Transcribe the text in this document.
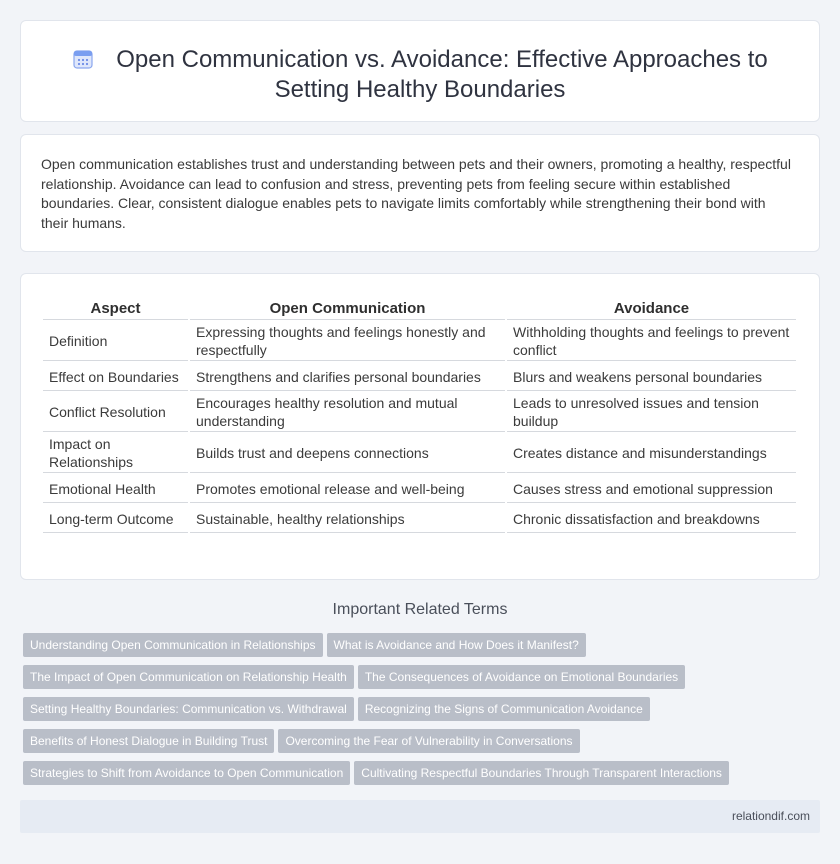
Open Communication vs. Avoidance: Effective Approaches to Setting Healthy Boundaries

Open communication establishes trust and understanding between pets and their owners, promoting a healthy, respectful relationship. Avoidance can lead to confusion and stress, preventing pets from feeling secure within established boundaries. Clear, consistent dialogue enables pets to navigate limits comfortably while strengthening their bond with their humans.

Aspect	Open Communication	Avoidance
Definition	Expressing thoughts and feelings honestly and respectfully	Withholding thoughts and feelings to prevent conflict
Effect on Boundaries	Strengthens and clarifies personal boundaries	Blurs and weakens personal boundaries
Conflict Resolution	Encourages healthy resolution and mutual understanding	Leads to unresolved issues and tension buildup
Impact on Relationships	Builds trust and deepens connections	Creates distance and misunderstandings
Emotional Health	Promotes emotional release and well-being	Causes stress and emotional suppression
Long-term Outcome	Sustainable, healthy relationships	Chronic dissatisfaction and breakdowns
Important Related Terms
Understanding Open Communication in Relationships What is Avoidance and How Does it Manifest?
The Impact of Open Communication on Relationship Health The Consequences of Avoidance on Emotional Boundaries
Setting Healthy Boundaries: Communication vs. Withdrawal Recognizing the Signs of Communication Avoidance
Benefits of Honest Dialogue in Building Trust Overcoming the Fear of Vulnerability in Conversations
Strategies to Shift from Avoidance to Open Communication Cultivating Respectful Boundaries Through Transparent Interactions
relationdif.com
